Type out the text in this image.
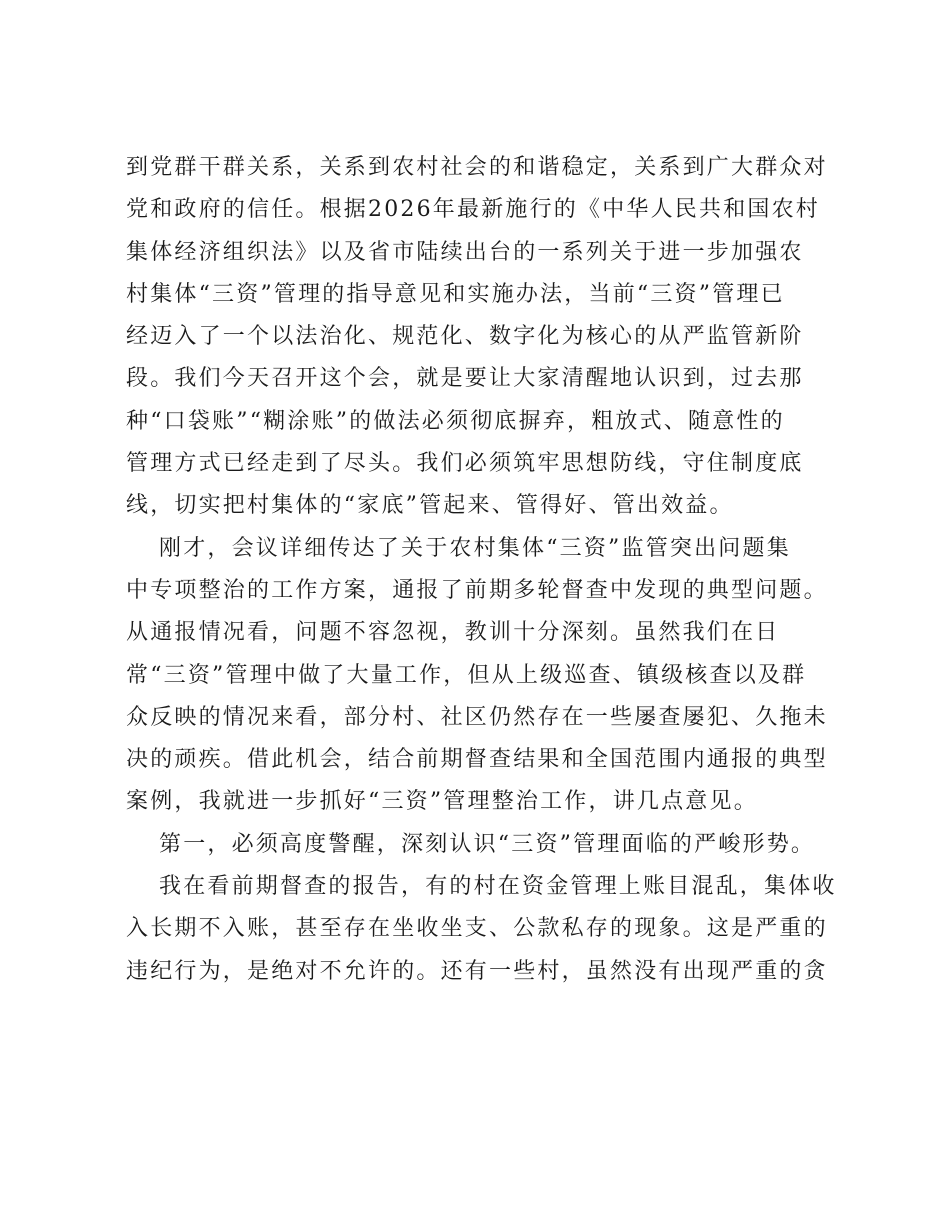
到党群干群关系，关系到农村社会的和谐稳定，关系到广大群众对
党和政府的信任。根据2026年最新施行的《中华人民共和国农村
集体经济组织法》以及省市陆续出台的一系列关于进一步加强农
村集体“三资”管理的指导意见和实施办法，当前“三资”管理已
经迈入了一个以法治化、规范化、数字化为核心的从严监管新阶
段。我们今天召开这个会，就是要让大家清醒地认识到，过去那
种“口袋账”“糊涂账”的做法必须彻底摒弃，粗放式、随意性的
管理方式已经走到了尽头。我们必须筑牢思想防线，守住制度底
线，切实把村集体的“家底”管起来、管得好、管出效益。
刚才，会议详细传达了关于农村集体“三资”监管突出问题集
中专项整治的工作方案，通报了前期多轮督查中发现的典型问题。
从通报情况看，问题不容忽视，教训十分深刻。虽然我们在日
常“三资”管理中做了大量工作，但从上级巡查、镇级核查以及群
众反映的情况来看，部分村、社区仍然存在一些屡查屡犯、久拖未
决的顽疾。借此机会，结合前期督查结果和全国范围内通报的典型
案例，我就进一步抓好“三资”管理整治工作，讲几点意见。
第一，必须高度警醒，深刻认识“三资”管理面临的严峻形势。
我在看前期督查的报告，有的村在资金管理上账目混乱，集体收
入长期不入账，甚至存在坐收坐支、公款私存的现象。这是严重的
违纪行为，是绝对不允许的。还有一些村，虽然没有出现严重的贪
